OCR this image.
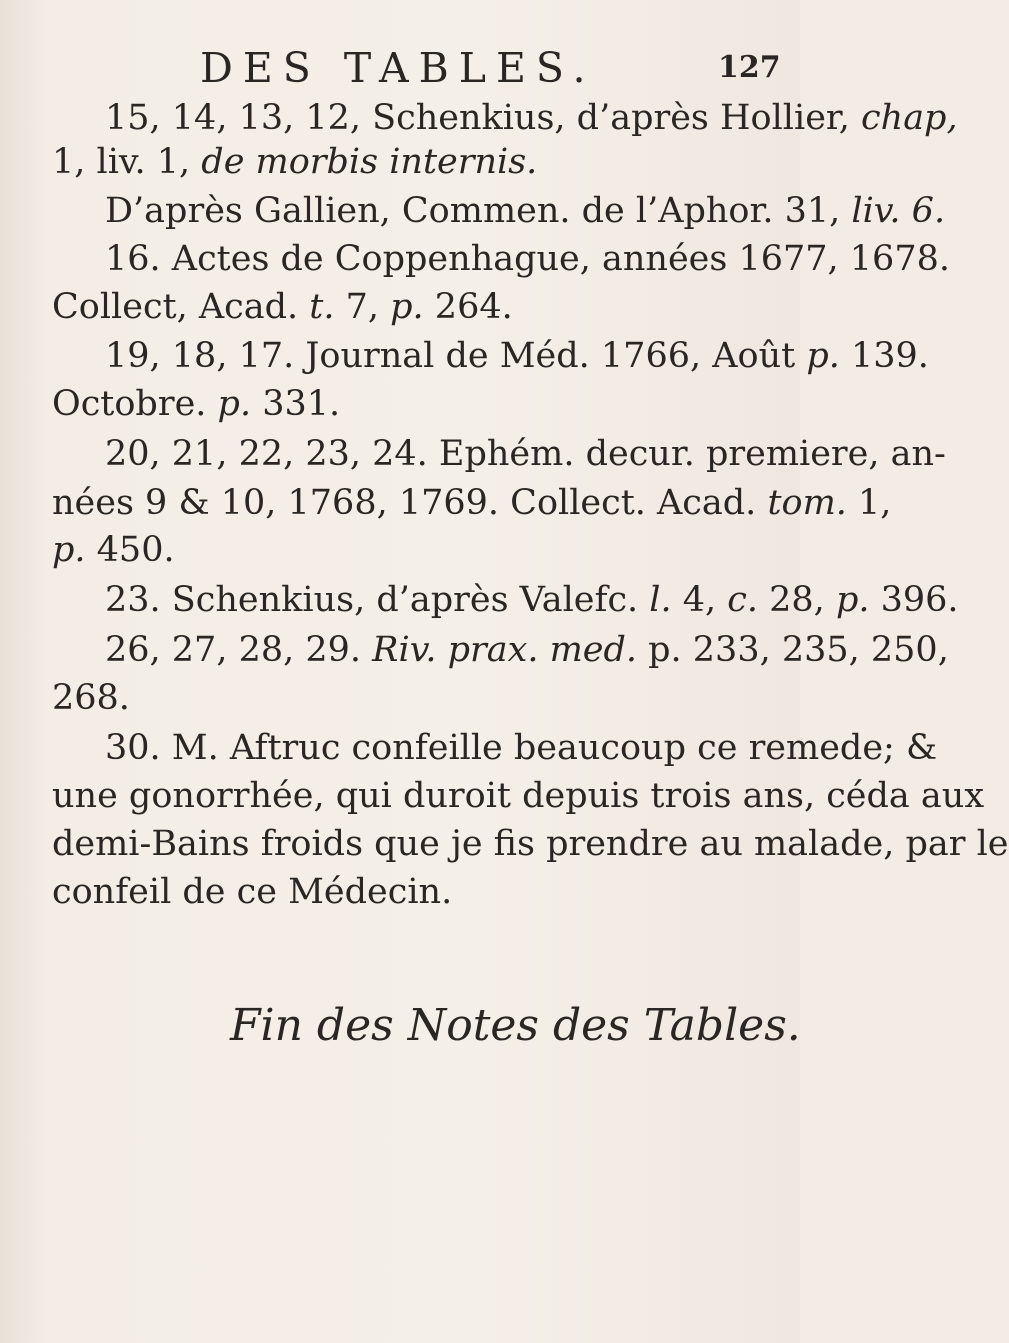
DES TABLES.	127
15, 14, 13, 12, Schenkius, d’après Hollier, chap,
1, liv. 1, de morbis internis.
D’après Gallien, Commen. de l’Aphor. 31, liv. 6.
16. Actes de Coppenhague, années 1677, 1678.
Collect, Acad. t. 7, p. 264.
19, 18, 17. Journal de Méd. 1766, Août p. 139.
Octobre. p. 331.
20, 21, 22, 23, 24. Ephém. decur. premiere, an-
nées 9 & 10, 1768, 1769. Collect. Acad. tom. 1,
p. 450.
23. Schenkius, d’après Valefc. l. 4, c. 28, p. 396.
26, 27, 28, 29. Riv. prax. med. p. 233, 235, 250,
268.
30. M. Aftruc confeille beaucoup ce remede; &
une gonorrhée, qui duroit depuis trois ans, céda aux
demi-Bains froids que je fis prendre au malade, par le
confeil de ce Médecin.
Fin des Notes des Tables.
